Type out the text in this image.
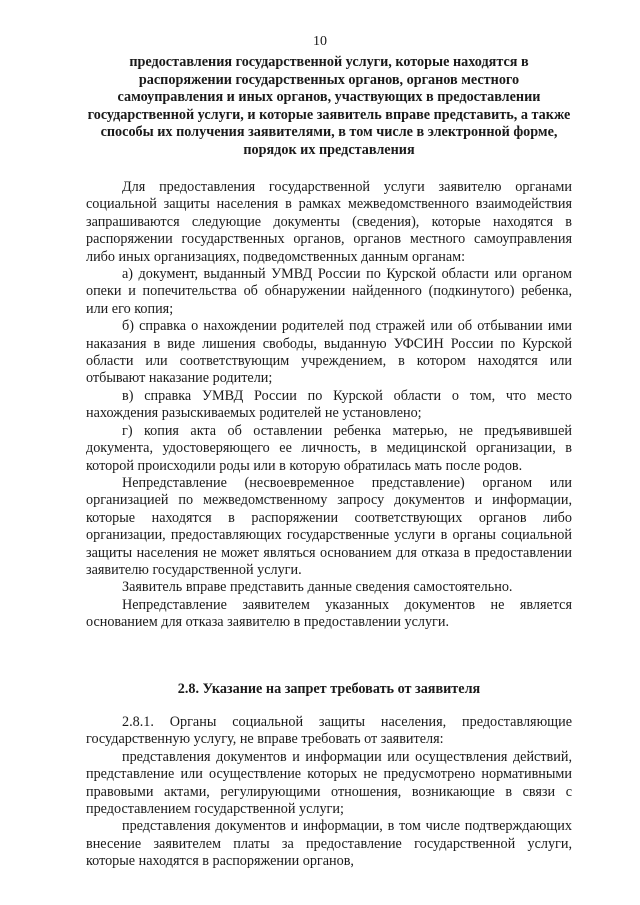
10
предоставления государственной услуги, которые находятся в распоряжении государственных органов, органов местного самоуправления и иных органов, участвующих в предоставлении государственной услуги, и которые заявитель вправе представить, а также способы их получения заявителями, в том числе в электронной форме, порядок их представления

Для предоставления государственной услуги заявителю органами социальной защиты населения в рамках межведомственного взаимодействия запрашиваются следующие документы (сведения), которые находятся в распоряжении государственных органов, органов местного самоуправления либо иных организациях, подведомственных данным органам:

а) документ, выданный УМВД России по Курской области или органом опеки и попечительства об обнаружении найденного (подкинутого) ребенка, или его копия;

б) справка о нахождении родителей под стражей или об отбывании ими наказания в виде лишения свободы, выданную УФСИН России по Курской области или соответствующим учреждением, в котором находятся или отбывают наказание родители;

в) справка УМВД России по Курской области о том, что место нахождения разыскиваемых родителей не установлено;

г) копия акта об оставлении ребенка матерью, не предъявившей документа, удостоверяющего ее личность, в медицинской организации, в которой происходили роды или в которую обратилась мать после родов.

Непредставление (несвоевременное представление) органом или организацией по межведомственному запросу документов и информации, которые находятся в распоряжении соответствующих органов либо организации, предоставляющих государственные услуги в органы социальной защиты населения не может являться основанием для отказа в предоставлении заявителю государственной услуги.

Заявитель вправе представить данные сведения самостоятельно.

Непредставление заявителем указанных документов не является основанием для отказа заявителю в предоставлении услуги.

2.8. Указание на запрет требовать от заявителя

2.8.1. Органы социальной защиты населения, предоставляющие государственную услугу, не вправе требовать от заявителя:

представления документов и информации или осуществления действий, представление или осуществление которых не предусмотрено нормативными правовыми актами, регулирующими отношения, возникающие в связи с предоставлением государственной услуги;

представления документов и информации, в том числе подтверждающих внесение заявителем платы за предоставление государственной услуги, которые находятся в распоряжении органов,
